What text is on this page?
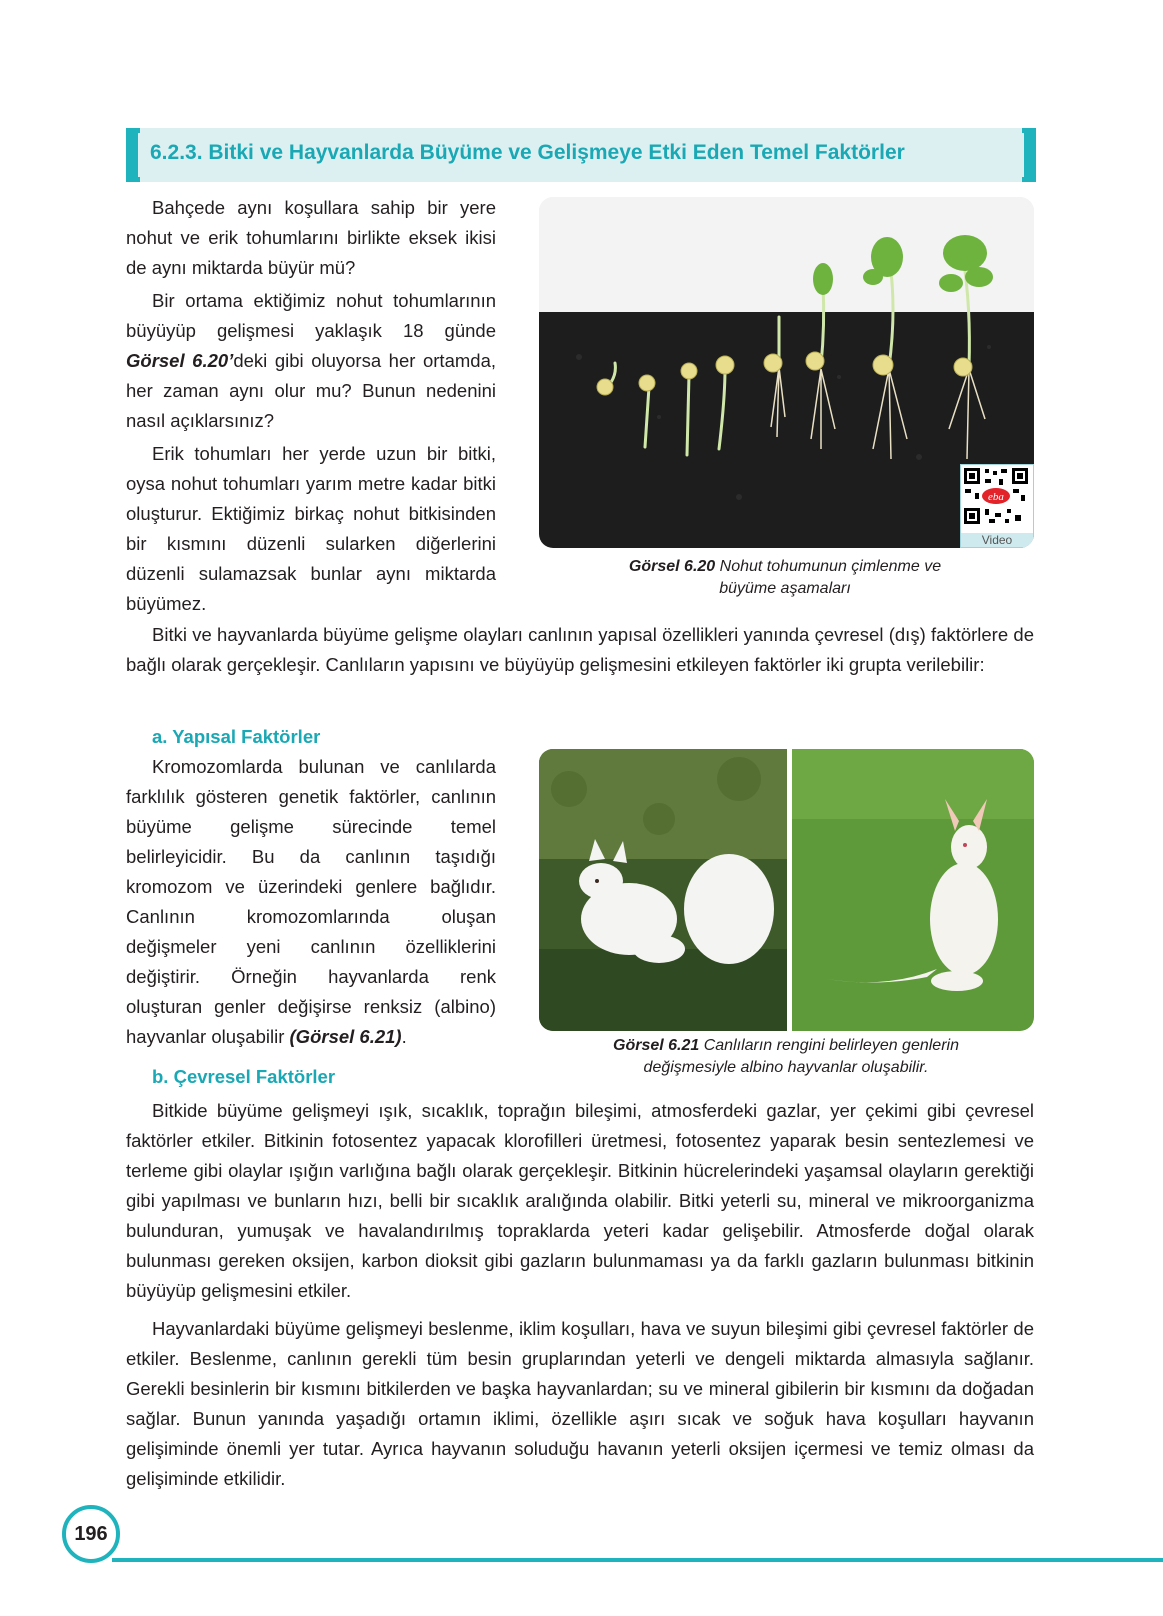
6.2.3. Bitki ve Hayvanlarda Büyüme ve Gelişmeye Etki Eden Temel Faktörler

Bahçede aynı koşullara sahip bir yere nohut ve erik tohumlarını birlikte eksek ikisi de aynı miktarda büyür mü?

Bir ortama ektiğimiz nohut tohumlarının büyüyüp gelişmesi yaklaşık 18 günde Görsel 6.20’deki gibi oluyorsa her ortamda, her zaman aynı olur mu? Bunun nedenini nasıl açıklarsınız?

Erik tohumları her yerde uzun bir bitki, oysa nohut tohumları yarım metre kadar bitki oluşturur. Ektiğimiz birkaç nohut bitkisinden bir kısmını düzenli sularken diğerlerini düzenli sulamazsak bunlar aynı miktarda büyümez.

eba
Video
Görsel 6.20 Nohut tohumunun çimlenme ve büyüme aşamaları

Bitki ve hayvanlarda büyüme gelişme olayları canlının yapısal özellikleri yanında çevresel (dış) faktörlere de bağlı olarak gerçekleşir. Canlıların yapısını ve büyüyüp gelişmesini etkileyen faktörler iki grupta verilebilir:

a. Yapısal Faktörler

Kromozomlarda bulunan ve canlılarda farklılık gösteren genetik faktörler, canlının büyüme gelişme sürecinde temel belirleyicidir. Bu da canlının taşıdığı kromozom ve üzerindeki genlere bağlıdır. Canlının kromozomlarında oluşan değişmeler yeni canlının özelliklerini değiştirir. Örneğin hayvanlarda renk oluşturan genler değişirse renksiz (albino) hayvanlar oluşabilir (Görsel 6.21).	Görsel 6.21 Canlıların rengini belirleyen genlerin değişmesiyle albino hayvanlar oluşabilir.
b. Çevresel Faktörler

Bitkide büyüme gelişmeyi ışık, sıcaklık, toprağın bileşimi, atmosferdeki gazlar, yer çekimi gibi çevresel faktörler etkiler. Bitkinin fotosentez yapacak klorofilleri üretmesi, fotosentez yaparak besin sentezlemesi ve terleme gibi olaylar ışığın varlığına bağlı olarak gerçekleşir. Bitkinin hücrelerindeki yaşamsal olayların gerektiği gibi yapılması ve bunların hızı, belli bir sıcaklık aralığında olabilir. Bitki yeterli su, mineral ve mikroorganizma bulunduran, yumuşak ve havalandırılmış topraklarda yeteri kadar gelişebilir. Atmosferde doğal olarak bulunması gereken oksijen, karbon dioksit gibi gazların bulunmaması ya da farklı gazların bulunması bitkinin büyüyüp gelişmesini etkiler.

Hayvanlardaki büyüme gelişmeyi beslenme, iklim koşulları, hava ve suyun bileşimi gibi çevresel faktörler de etkiler. Beslenme, canlının gerekli tüm besin gruplarından yeterli ve dengeli miktarda almasıyla sağlanır. Gerekli besinlerin bir kısmını bitkilerden ve başka hayvanlardan; su ve mineral gibilerin bir kısmını da doğadan sağlar. Bunun yanında yaşadığı ortamın iklimi, özellikle aşırı sıcak ve soğuk hava koşulları hayvanın gelişiminde önemli yer tutar. Ayrıca hayvanın soluduğu havanın yeterli oksijen içermesi ve temiz olması da gelişiminde etkilidir.

196
